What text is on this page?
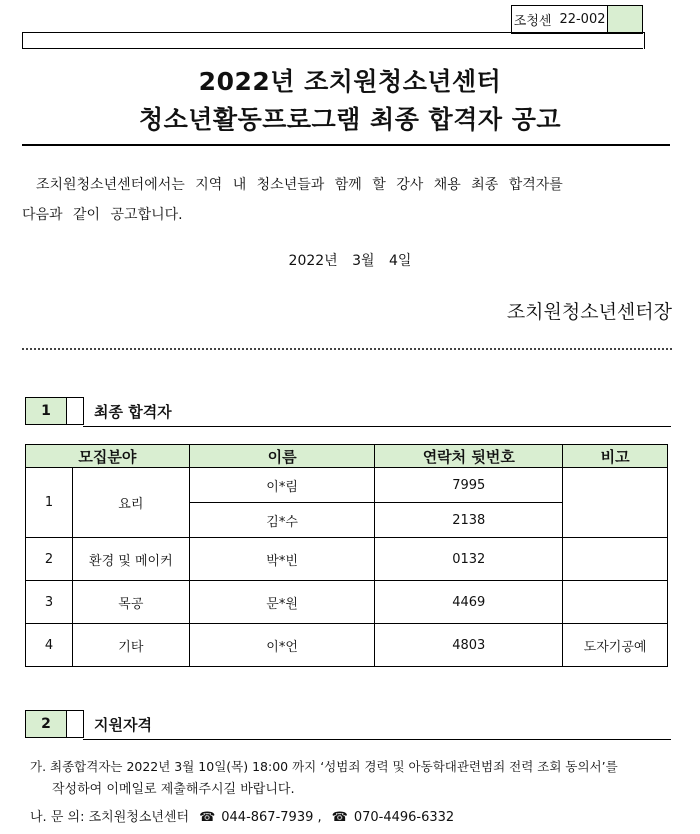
조청센 22-002
2022년 조치원청소년센터
청소년활동프로그램 최종 합격자 공고
조치원청소년센터에서는 지역 내 청소년들과 함께 할 강사 채용 최종 합격자를
다음과 같이 공고합니다.
2022년 3월 4일
조치원청소년센터장
1	최종 합격자
모집분야		이름	연락처 뒷번호	비고
1	요리	이*림	7995	
		김*수	2138	
2	환경 및 메이커	박*빈	0132	
3	목공	문*원	4469	
4	기타	이*언	4803	도자기공예
2	지원자격
가. 최종합격자는 2022년 3월 10일(목) 18:00 까지 ‘성범죄 경력 및 아동학대관련범죄 전력 조회 동의서’를
작성하여 이메일로 제출해주시길 바랍니다.
나. 문 의: 조치원청소년센터 ☎ 044-867-7939 , ☎ 070-4496-6332
